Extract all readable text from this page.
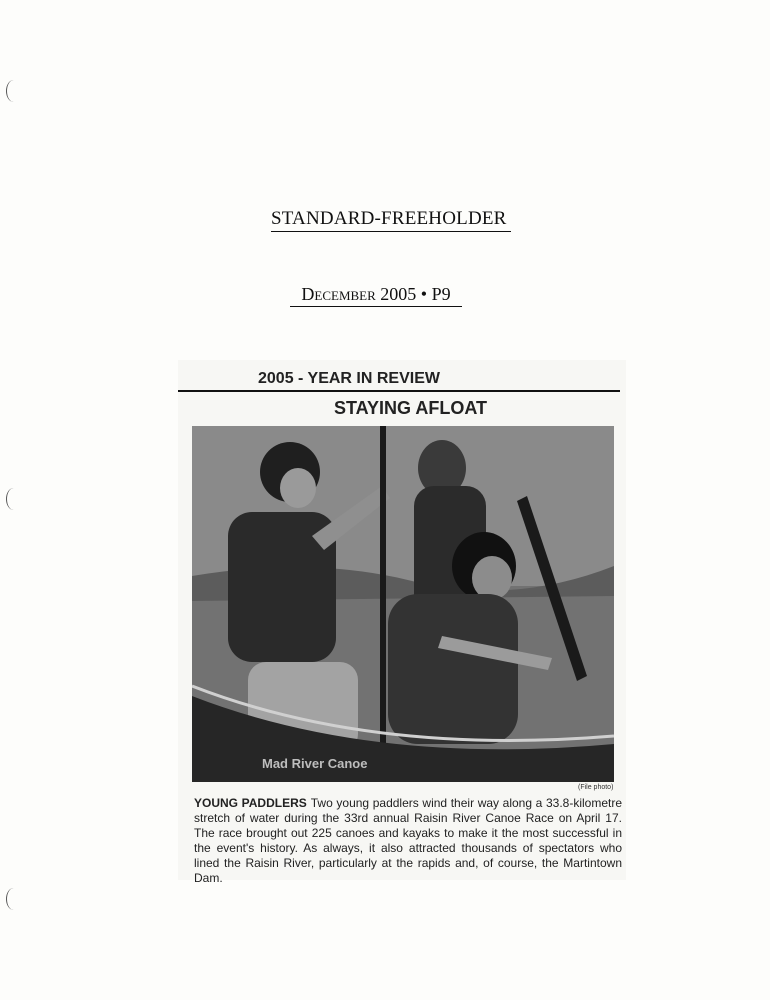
STANDARD-FREEHOLDER
December 2005 • P9
2005 - YEAR IN REVIEW
STAYING AFLOAT
Mad River Canoe
(File photo)
YOUNG PADDLERS Two young paddlers wind their way along a 33.8-kilometre stretch of water during the 33rd annual Raisin River Canoe Race on April 17. The race brought out 225 canoes and kayaks to make it the most successful in the event's history. As always, it also attracted thousands of spectators who lined the Raisin River, particularly at the rapids and, of course, the Martintown Dam.
